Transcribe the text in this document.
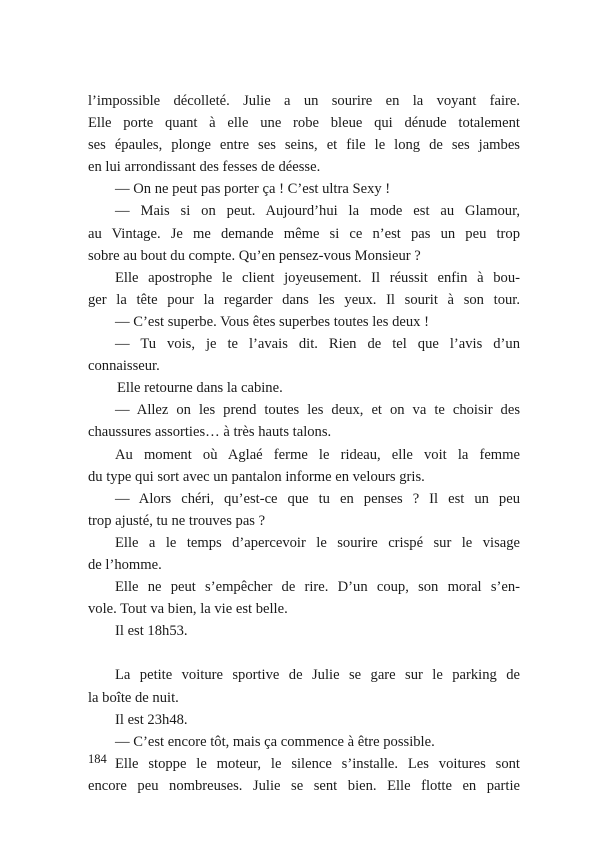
l’impossible décolleté. Julie a un sourire en la voyant faire.
Elle porte quant à elle une robe bleue qui dénude totalement
ses épaules, plonge entre ses seins, et file le long de ses jambes
en lui arrondissant des fesses de déesse.
— On ne peut pas porter ça ! C’est ultra Sexy !
— Mais si on peut. Aujourd’hui la mode est au Glamour,
au Vintage. Je me demande même si ce n’est pas un peu trop
sobre au bout du compte. Qu’en pensez-vous Monsieur ?
Elle apostrophe le client joyeusement. Il réussit enfin à bou-
ger la tête pour la regarder dans les yeux. Il sourit à son tour.
— C’est superbe. Vous êtes superbes toutes les deux !
— Tu vois, je te l’avais dit. Rien de tel que l’avis d’un
connaisseur.
Elle retourne dans la cabine.
— Allez on les prend toutes les deux, et on va te choisir des
chaussures assorties… à très hauts talons.
Au moment où Aglaé ferme le rideau, elle voit la femme
du type qui sort avec un pantalon informe en velours gris.
— Alors chéri, qu’est-ce que tu en penses ? Il est un peu
trop ajusté, tu ne trouves pas ?
Elle a le temps d’apercevoir le sourire crispé sur le visage
de l’homme.
Elle ne peut s’empêcher de rire. D’un coup, son moral s’en-
vole. Tout va bien, la vie est belle.
Il est 18h53.
La petite voiture sportive de Julie se gare sur le parking de
la boîte de nuit.
Il est 23h48.
— C’est encore tôt, mais ça commence à être possible.
Elle stoppe le moteur, le silence s’installe. Les voitures sont
encore peu nombreuses. Julie se sent bien. Elle flotte en partie
184
